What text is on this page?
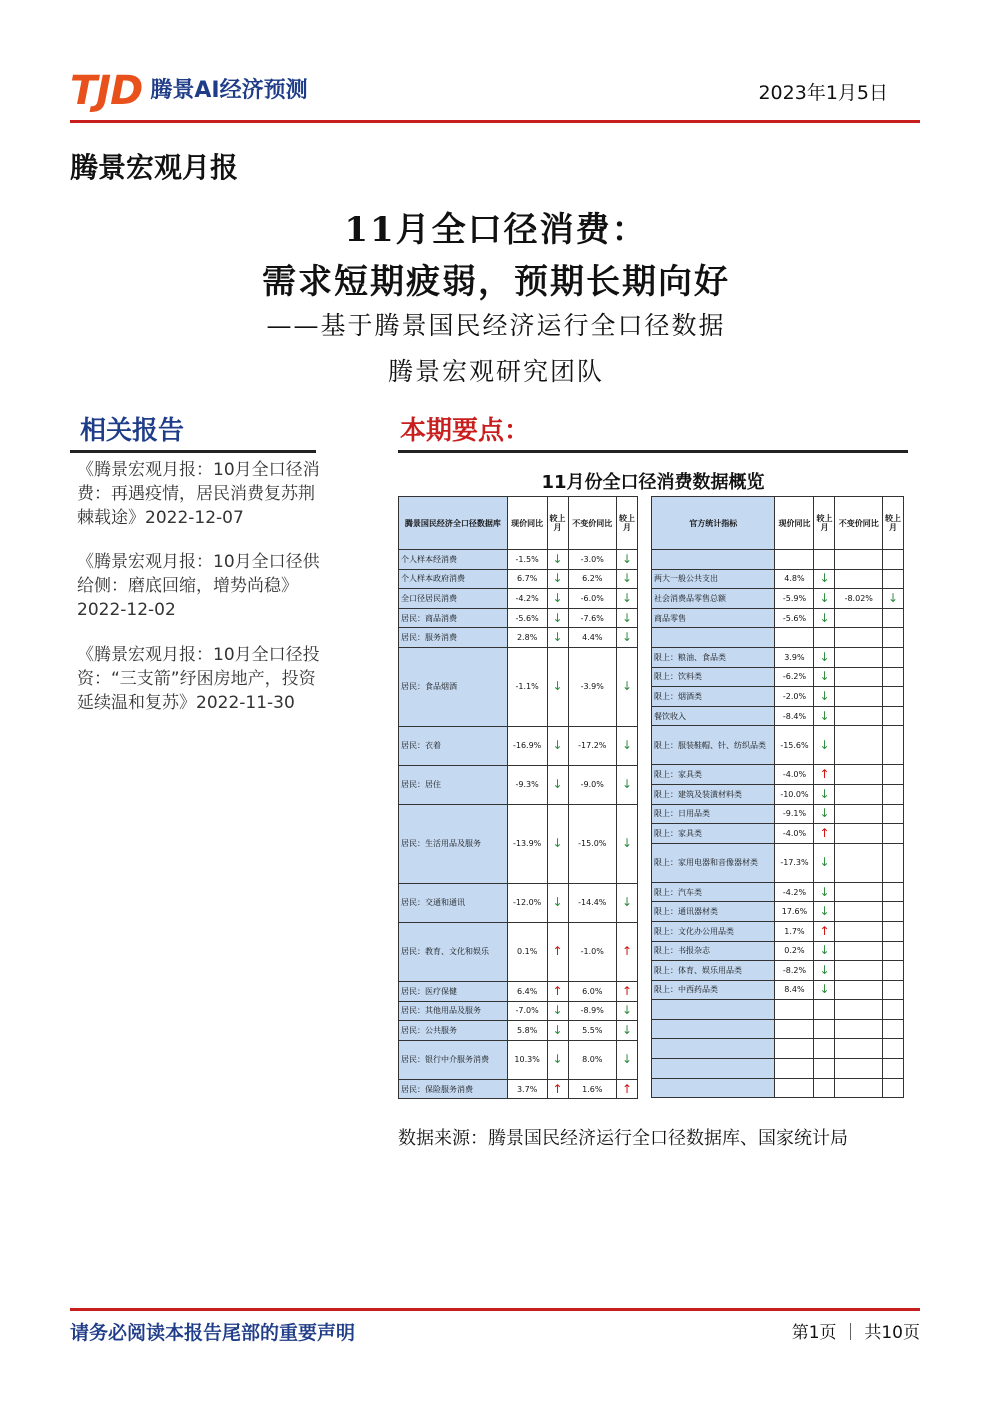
TJD 腾景AI经济预测	2023年1月5日
腾景宏观月报
11月全口径消费：
需求短期疲弱，预期长期向好
——基于腾景国民经济运行全口径数据
腾景宏观研究团队
相关报告
《腾景宏观月报：10月全口径消费：再遇疫情，居民消费复苏荆棘载途》2022-12-07
《腾景宏观月报：10月全口径供给侧：磨底回缩，增势尚稳》2022-12-02
《腾景宏观月报：10月全口径投资：“三支箭”纾困房地产，投资延续温和复苏》2022-11-30
本期要点：
11月份全口径消费数据概览
腾景国民经济全口径数据库	现价同比	较上月	不变价同比	较上月
个人样本经消费	-1.5%	↓	-3.0%	↓
个人样本政府消费	6.7%	↓	6.2%	↓
全口径居民消费	-4.2%	↓	-6.0%	↓
居民：商品消费	-5.6%	↓	-7.6%	↓
居民：服务消费	2.8%	↓	4.4%	↓
居民：食品烟酒	-1.1%	↓	-3.9%	↓
居民：衣着	-16.9%	↓	-17.2%	↓
居民：居住	-9.3%	↓	-9.0%	↓
居民：生活用品及服务	-13.9%	↓	-15.0%	↓
居民：交通和通讯	-12.0%	↓	-14.4%	↓
居民：教育、文化和娱乐	0.1%	↑	-1.0%	↑
居民：医疗保健	6.4%	↑	6.0%	↑
居民：其他用品及服务	-7.0%	↓	-8.9%	↓
居民：公共服务	5.8%	↓	5.5%	↓
居民：银行中介服务消费	10.3%	↓	8.0%	↓
居民：保险服务消费	3.7%	↑	1.6%	↑
官方统计指标	现价同比	较上月	不变价同比	较上月

两大一般公共支出	4.8%	↓		
社会消费品零售总额	-5.9%	↓	-8.02%	↓
商品零售	-5.6%	↓		

限上：粮油、食品类	3.9%	↓		
限上：饮料类	-6.2%	↓		
限上：烟酒类	-2.0%	↓		
餐饮收入	-8.4%	↓		
限上：服装鞋帽、针、纺织品类	-15.6%	↓		
限上：家具类	-4.0%	↑		
限上：建筑及装潢材料类	-10.0%	↓		
限上：日用品类	-9.1%	↓		
限上：家具类	-4.0%	↑		
限上：家用电器和音像器材类	-17.3%	↓		
限上：汽车类	-4.2%	↓		
限上：通讯器材类	17.6%	↓		
限上：文化办公用品类	1.7%	↑		
限上：书报杂志	0.2%	↓		
限上：体育、娱乐用品类	-8.2%	↓		
限上：中西药品类	8.4%	↓		

数据来源：腾景国民经济运行全口径数据库、国家统计局
请务必阅读本报告尾部的重要声明	第1页 ｜ 共10页
